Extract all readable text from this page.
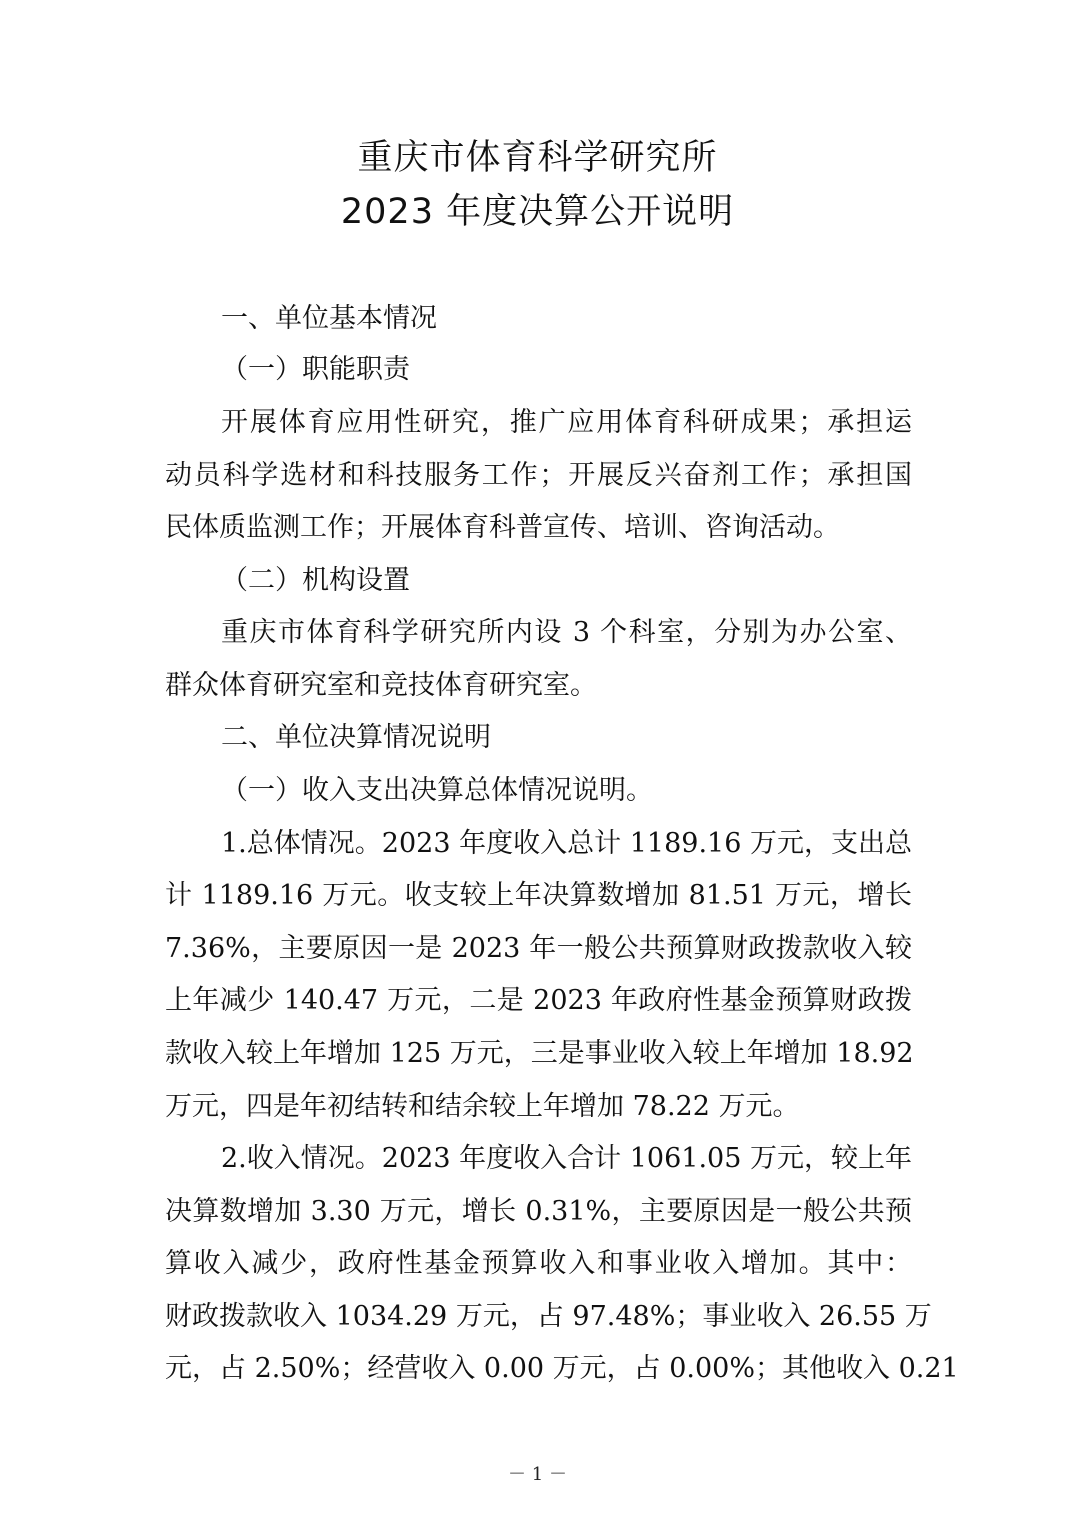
重庆市体育科学研究所
2023 年度决算公开说明
一、单位基本情况
（一）职能职责
开展体育应用性研究，推广应用体育科研成果；承担运
动员科学选材和科技服务工作；开展反兴奋剂工作；承担国
民体质监测工作；开展体育科普宣传、培训、咨询活动。
（二）机构设置
重庆市体育科学研究所内设 3 个科室，分别为办公室、
群众体育研究室和竞技体育研究室。
二、单位决算情况说明
（一）收入支出决算总体情况说明。
1.总体情况。2023 年度收入总计 1189.16 万元，支出总
计 1189.16 万元。收支较上年决算数增加 81.51 万元，增长
7.36%，主要原因一是 2023 年一般公共预算财政拨款收入较
上年减少 140.47 万元，二是 2023 年政府性基金预算财政拨
款收入较上年增加 125 万元，三是事业收入较上年增加 18.92
万元，四是年初结转和结余较上年增加 78.22 万元。
2.收入情况。2023 年度收入合计 1061.05 万元，较上年
决算数增加 3.30 万元，增长 0.31%，主要原因是一般公共预
算收入减少，政府性基金预算收入和事业收入增加。其中：
财政拨款收入 1034.29 万元，占 97.48%；事业收入 26.55 万
元，占 2.50%；经营收入 0.00 万元，占 0.00%；其他收入 0.21
－ 1 －
